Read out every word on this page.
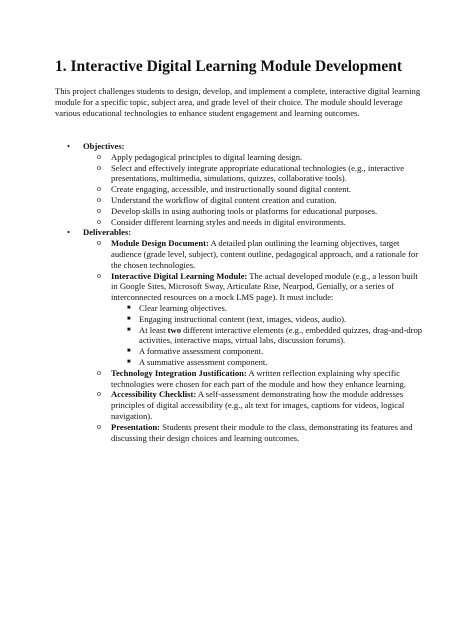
1. Interactive Digital Learning Module Development

This project challenges students to design, develop, and implement a complete, interactive digital learning module for a specific topic, subject area, and grade level of their choice. The module should leverage various educational technologies to enhance student engagement and learning outcomes.

• Objectives:
o Apply pedagogical principles to digital learning design.
o Select and effectively integrate appropriate educational technologies (e.g., interactive presentations, multimedia, simulations, quizzes, collaborative tools).
o Create engaging, accessible, and instructionally sound digital content.
o Understand the workflow of digital content creation and curation.
o Develop skills in using authoring tools or platforms for educational purposes.
o Consider different learning styles and needs in digital environments.
• Deliverables:
o Module Design Document: A detailed plan outlining the learning objectives, target audience (grade level, subject), content outline, pedagogical approach, and a rationale for the chosen technologies.
o Interactive Digital Learning Module: The actual developed module (e.g., a lesson built in Google Sites, Microsoft Sway, Articulate Rise, Nearpod, Genially, or a series of interconnected resources on a mock LMS page). It must include:
■ Clear learning objectives.
■ Engaging instructional content (text, images, videos, audio).
■ At least two different interactive elements (e.g., embedded quizzes, drag-and-drop activities, interactive maps, virtual labs, discussion forums).
■ A formative assessment component.
■ A summative assessment component.
o Technology Integration Justification: A written reflection explaining why specific technologies were chosen for each part of the module and how they enhance learning.
o Accessibility Checklist: A self-assessment demonstrating how the module addresses principles of digital accessibility (e.g., alt text for images, captions for videos, logical navigation).
o Presentation: Students present their module to the class, demonstrating its features and discussing their design choices and learning outcomes.
